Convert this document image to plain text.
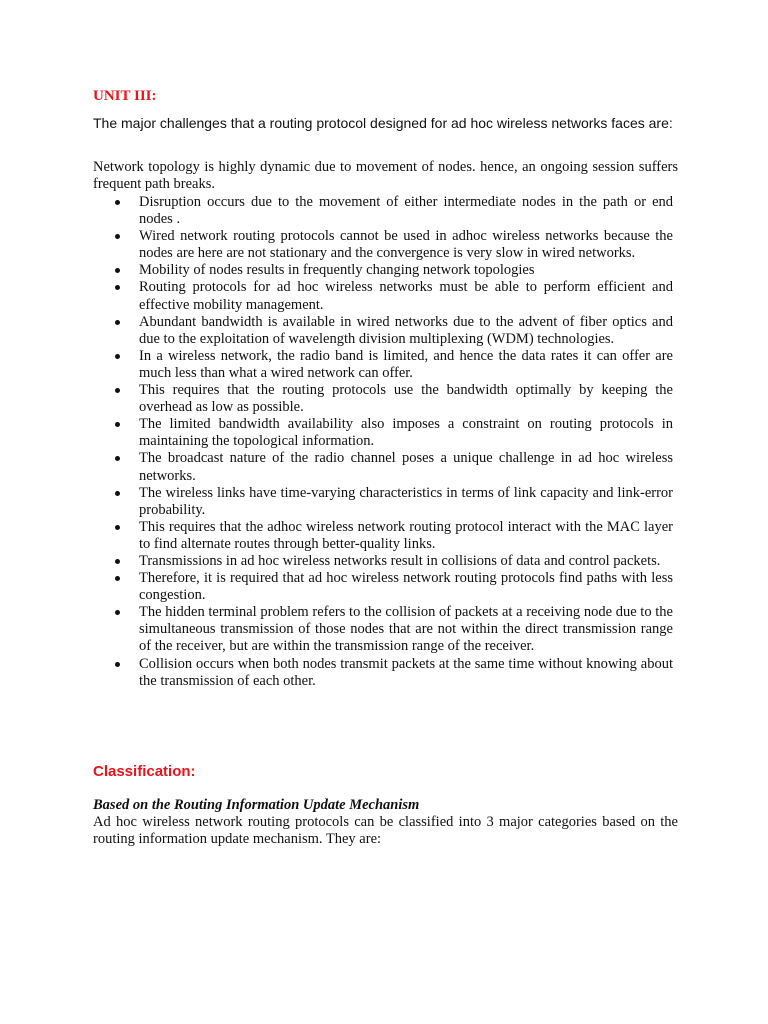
UNIT III:

The major challenges that a routing protocol designed for ad hoc wireless networks faces are:

Network topology is highly dynamic due to movement of nodes. hence, an ongoing session suffers frequent path breaks.

Disruption occurs due to the movement of either intermediate nodes in the path or end nodes .
Wired network routing protocols cannot be used in adhoc wireless networks because the nodes are here are not stationary and the convergence is very slow in wired networks.
Mobility of nodes results in frequently changing network topologies
Routing protocols for ad hoc wireless networks must be able to perform efficient and effective mobility management.
Abundant bandwidth is available in wired networks due to the advent of fiber optics and due to the exploitation of wavelength division multiplexing (WDM) technologies.
In a wireless network, the radio band is limited, and hence the data rates it can offer are much less than what a wired network can offer.
This requires that the routing protocols use the bandwidth optimally by keeping the overhead as low as possible.
The limited bandwidth availability also imposes a constraint on routing protocols in maintaining the topological information.
The broadcast nature of the radio channel poses a unique challenge in ad hoc wireless networks.
The wireless links have time-varying characteristics in terms of link capacity and link-error probability.
This requires that the adhoc wireless network routing protocol interact with the MAC layer to find alternate routes through better-quality links.
Transmissions in ad hoc wireless networks result in collisions of data and control packets.
Therefore, it is required that ad hoc wireless network routing protocols find paths with less congestion.
The hidden terminal problem refers to the collision of packets at a receiving node due to the simultaneous transmission of those nodes that are not within the direct transmission range of the receiver, but are within the transmission range of the receiver.
Collision occurs when both nodes transmit packets at the same time without knowing about the transmission of each other.
Classification:
Based on the Routing Information Update Mechanism

Ad hoc wireless network routing protocols can be classified into 3 major categories based on the routing information update mechanism. They are:
